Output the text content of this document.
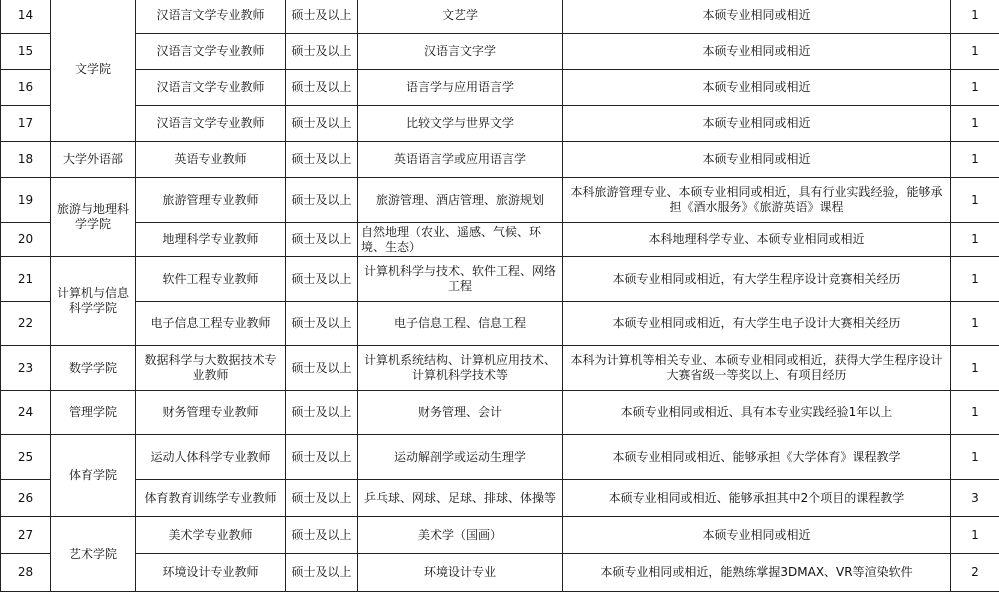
14	文学院	汉语言文学专业教师	硕士及以上	文艺学	本硕专业相同或相近	1
15		汉语言文学专业教师	硕士及以上	汉语言文字学	本硕专业相同或相近	1
16		汉语言文学专业教师	硕士及以上	语言学与应用语言学	本硕专业相同或相近	1
17		汉语言文学专业教师	硕士及以上	比较文学与世界文学	本硕专业相同或相近	1
18	大学外语部	英语专业教师	硕士及以上	英语语言学或应用语言学	本硕专业相同或相近	1
19	旅游与地理科学学院	旅游管理专业教师	硕士及以上	旅游管理、酒店管理、旅游规划	本科旅游管理专业、本硕专业相同或相近，具有行业实践经验，能够承担《酒水服务》《旅游英语》课程	1
20		地理科学专业教师	硕士及以上	自然地理（农业、遥感、气候、环境、生态）	本科地理科学专业、本硕专业相同或相近	1
21	计算机与信息科学学院	软件工程专业教师	硕士及以上	计算机科学与技术、软件工程、网络工程	本硕专业相同或相近，有大学生程序设计竞赛相关经历	1
22		电子信息工程专业教师	硕士及以上	电子信息工程、信息工程	本硕专业相同或相近，有大学生电子设计大赛相关经历	1
23	数学学院	数据科学与大数据技术专业教师	硕士及以上	计算机系统结构、计算机应用技术、计算机科学技术等	本科为计算机等相关专业、本硕专业相同或相近，获得大学生程序设计大赛省级一等奖以上、有项目经历	1
24	管理学院	财务管理专业教师	硕士及以上	财务管理、会计	本硕专业相同或相近、具有本专业实践经验1年以上	1
25	体育学院	运动人体科学专业教师	硕士及以上	运动解剖学或运动生理学	本硕专业相同或相近、能够承担《大学体育》课程教学	1
26		体育教育训练学专业教师	硕士及以上	乒乓球、网球、足球、排球、体操等	本硕专业相同或相近、能够承担其中2个项目的课程教学	3
27	艺术学院	美术学专业教师	硕士及以上	美术学（国画）	本硕专业相同或相近	1
28		环境设计专业教师	硕士及以上	环境设计专业	本硕专业相同或相近，能熟练掌握3DMAX、VR等渲染软件	2
